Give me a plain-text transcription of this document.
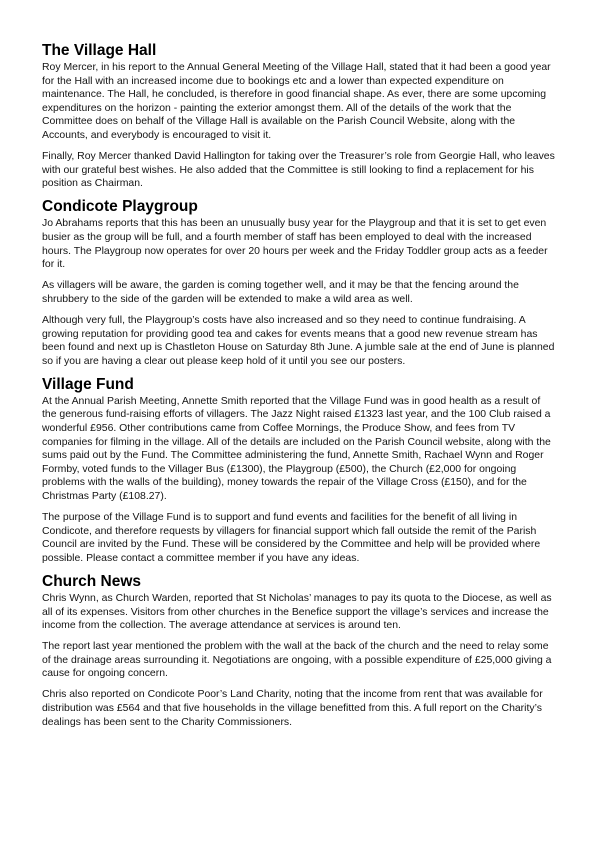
The Village Hall

Roy Mercer, in his report to the Annual General Meeting of the Village Hall, stated that it had been a good year for the Hall with an increased income due to bookings etc and a lower than expected expenditure on maintenance. The Hall, he concluded, is therefore in good financial shape. As ever, there are some upcoming expenditures on the horizon - painting the exterior amongst them. All of the details of the work that the Committee does on behalf of the Village Hall is available on the Parish Council Website, along with the Accounts, and everybody is encouraged to visit it.

Finally, Roy Mercer thanked David Hallington for taking over the Treasurer’s role from Georgie Hall, who leaves with our grateful best wishes. He also added that the Committee is still looking to find a replacement for his position as Chairman.

Condicote Playgroup

Jo Abrahams reports that this has been an unusually busy year for the Playgroup and that it is set to get even busier as the group will be full, and a fourth member of staff has been employed to deal with the increased hours. The Playgroup now operates for over 20 hours per week and the Friday Toddler group acts as a feeder for it.

As villagers will be aware, the garden is coming together well, and it may be that the fencing around the shrubbery to the side of the garden will be extended to make a wild area as well.

Although very full, the Playgroup’s costs have also increased and so they need to continue fundraising. A growing reputation for providing good tea and cakes for events means that a good new revenue stream has been found and next up is Chastleton House on Saturday 8th June. A jumble sale at the end of June is planned so if you are having a clear out please keep hold of it until you see our posters.

Village Fund

At the Annual Parish Meeting, Annette Smith reported that the Village Fund was in good health as a result of the generous fund-raising efforts of villagers. The Jazz Night raised £1323 last year, and the 100 Club raised a wonderful £956. Other contributions came from Coffee Mornings, the Produce Show, and fees from TV companies for filming in the village. All of the details are included on the Parish Council website, along with the sums paid out by the Fund. The Committee administering the fund, Annette Smith, Rachael Wynn and Roger Formby, voted funds to the Villager Bus (£1300), the Playgroup (£500), the Church (£2,000 for ongoing problems with the walls of the building), money towards the repair of the Village Cross (£150), and for the Christmas Party (£108.27).

The purpose of the Village Fund is to support and fund events and facilities for the benefit of all living in Condicote, and therefore requests by villagers for financial support which fall outside the remit of the Parish Council are invited by the Fund. These will be considered by the Committee and help will be provided where possible. Please contact a committee member if you have any ideas.

Church News

Chris Wynn, as Church Warden, reported that St Nicholas’ manages to pay its quota to the Diocese, as well as all of its expenses. Visitors from other churches in the Benefice support the village’s services and increase the income from the collection. The average attendance at services is around ten.

The report last year mentioned the problem with the wall at the back of the church and the need to relay some of the drainage areas surrounding it. Negotiations are ongoing, with a possible expenditure of £25,000 giving a cause for ongoing concern.

Chris also reported on Condicote Poor’s Land Charity, noting that the income from rent that was available for distribution was £564 and that five households in the village benefitted from this. A full report on the Charity’s dealings has been sent to the Charity Commissioners.
